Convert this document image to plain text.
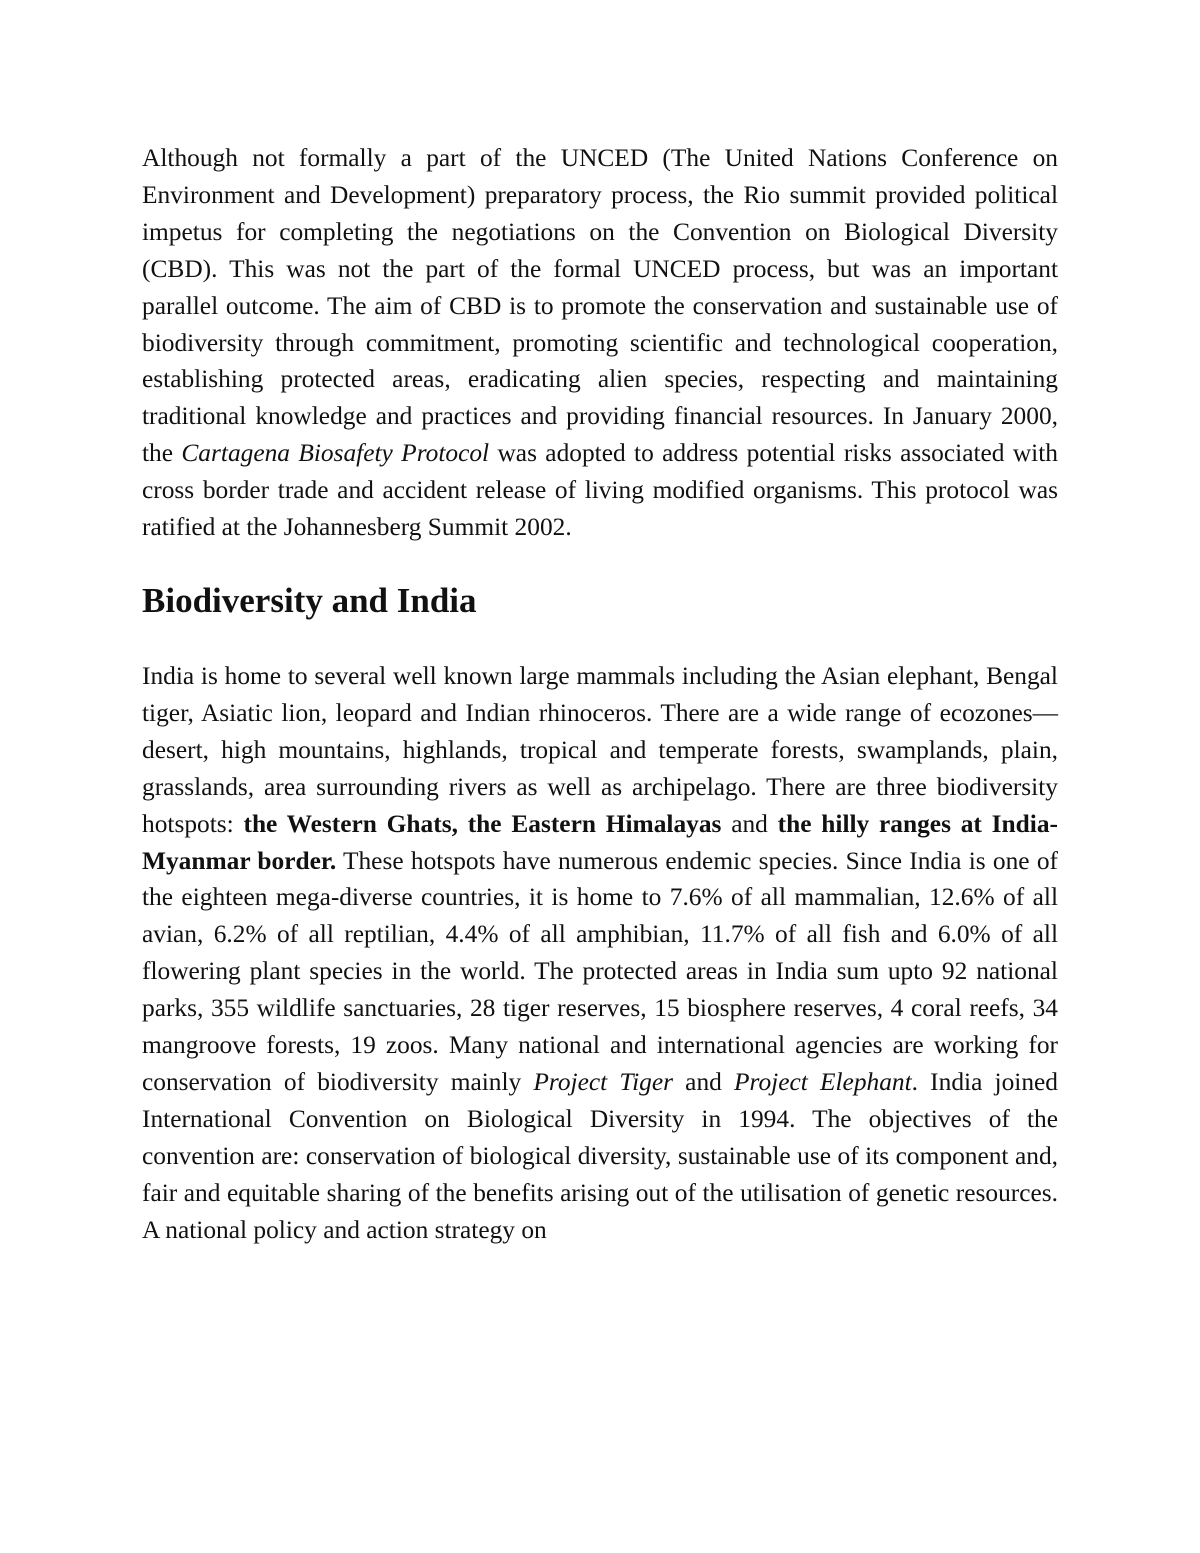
Although not formally a part of the UNCED (The United Nations Conference on Environment and Development) preparatory process, the Rio summit provided political impetus for completing the negotiations on the Convention on Biological Diversity (CBD). This was not the part of the formal UNCED process, but was an important parallel outcome. The aim of CBD is to promote the conservation and sustainable use of biodiversity through commitment, promoting scientific and technological cooperation, establishing protected areas, eradicating alien species, respecting and maintaining traditional knowledge and practices and providing financial resources. In January 2000, the Cartagena Biosafety Protocol was adopted to address potential risks associated with cross border trade and accident release of living modified organisms. This protocol was ratified at the Johannesberg Summit 2002.

Biodiversity and India

India is home to several well known large mammals including the Asian elephant, Bengal tiger, Asiatic lion, leopard and Indian rhinoceros. There are a wide range of ecozones—desert, high mountains, highlands, tropical and temperate forests, swamplands, plain, grasslands, area surrounding rivers as well as archipelago. There are three biodiversity hotspots: the Western Ghats, the Eastern Himalayas and the hilly ranges at India-Myanmar border. These hotspots have numerous endemic species. Since India is one of the eighteen mega-diverse countries, it is home to 7.6% of all mammalian, 12.6% of all avian, 6.2% of all reptilian, 4.4% of all amphibian, 11.7% of all fish and 6.0% of all flowering plant species in the world. The protected areas in India sum upto 92 national parks, 355 wildlife sanctuaries, 28 tiger reserves, 15 biosphere reserves, 4 coral reefs, 34 mangroove forests, 19 zoos. Many national and international agencies are working for conservation of biodiversity mainly Project Tiger and Project Elephant. India joined International Convention on Biological Diversity in 1994. The objectives of the convention are: conservation of biological diversity, sustainable use of its component and, fair and equitable sharing of the benefits arising out of the utilisation of genetic resources. A national policy and action strategy on
